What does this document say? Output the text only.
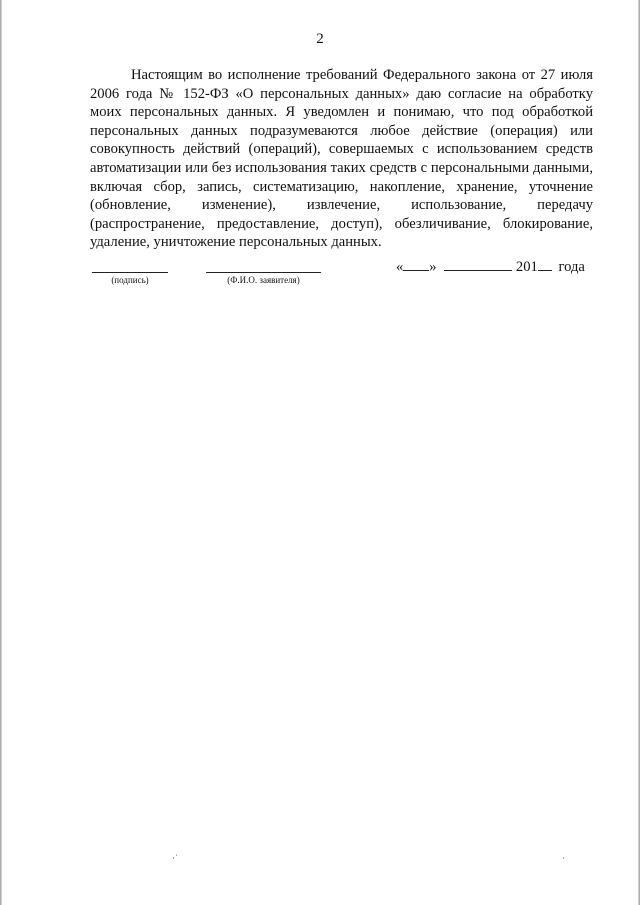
2

Настоящим во исполнение требований Федерального закона от 27 июля 2006 года № 152-ФЗ «О персональных данных» даю согласие на обработку моих персональных данных. Я уведомлен и понимаю, что под обработкой персональных данных подразумеваются любое действие (операция) или совокупность действий (операций), совершаемых с использованием средств автоматизации или без использования таких средств с персональными данными, включая сбор, запись, систематизацию, накопление, хранение, уточнение (обновление, изменение), извлечение, использование, передачу (распространение, предоставление, доступ), обезличивание, блокирование, удаление, уничтожение персональных данных.

(подпись)	(Ф.И.О. заявителя)
« »	201 года
·ˈ	·
